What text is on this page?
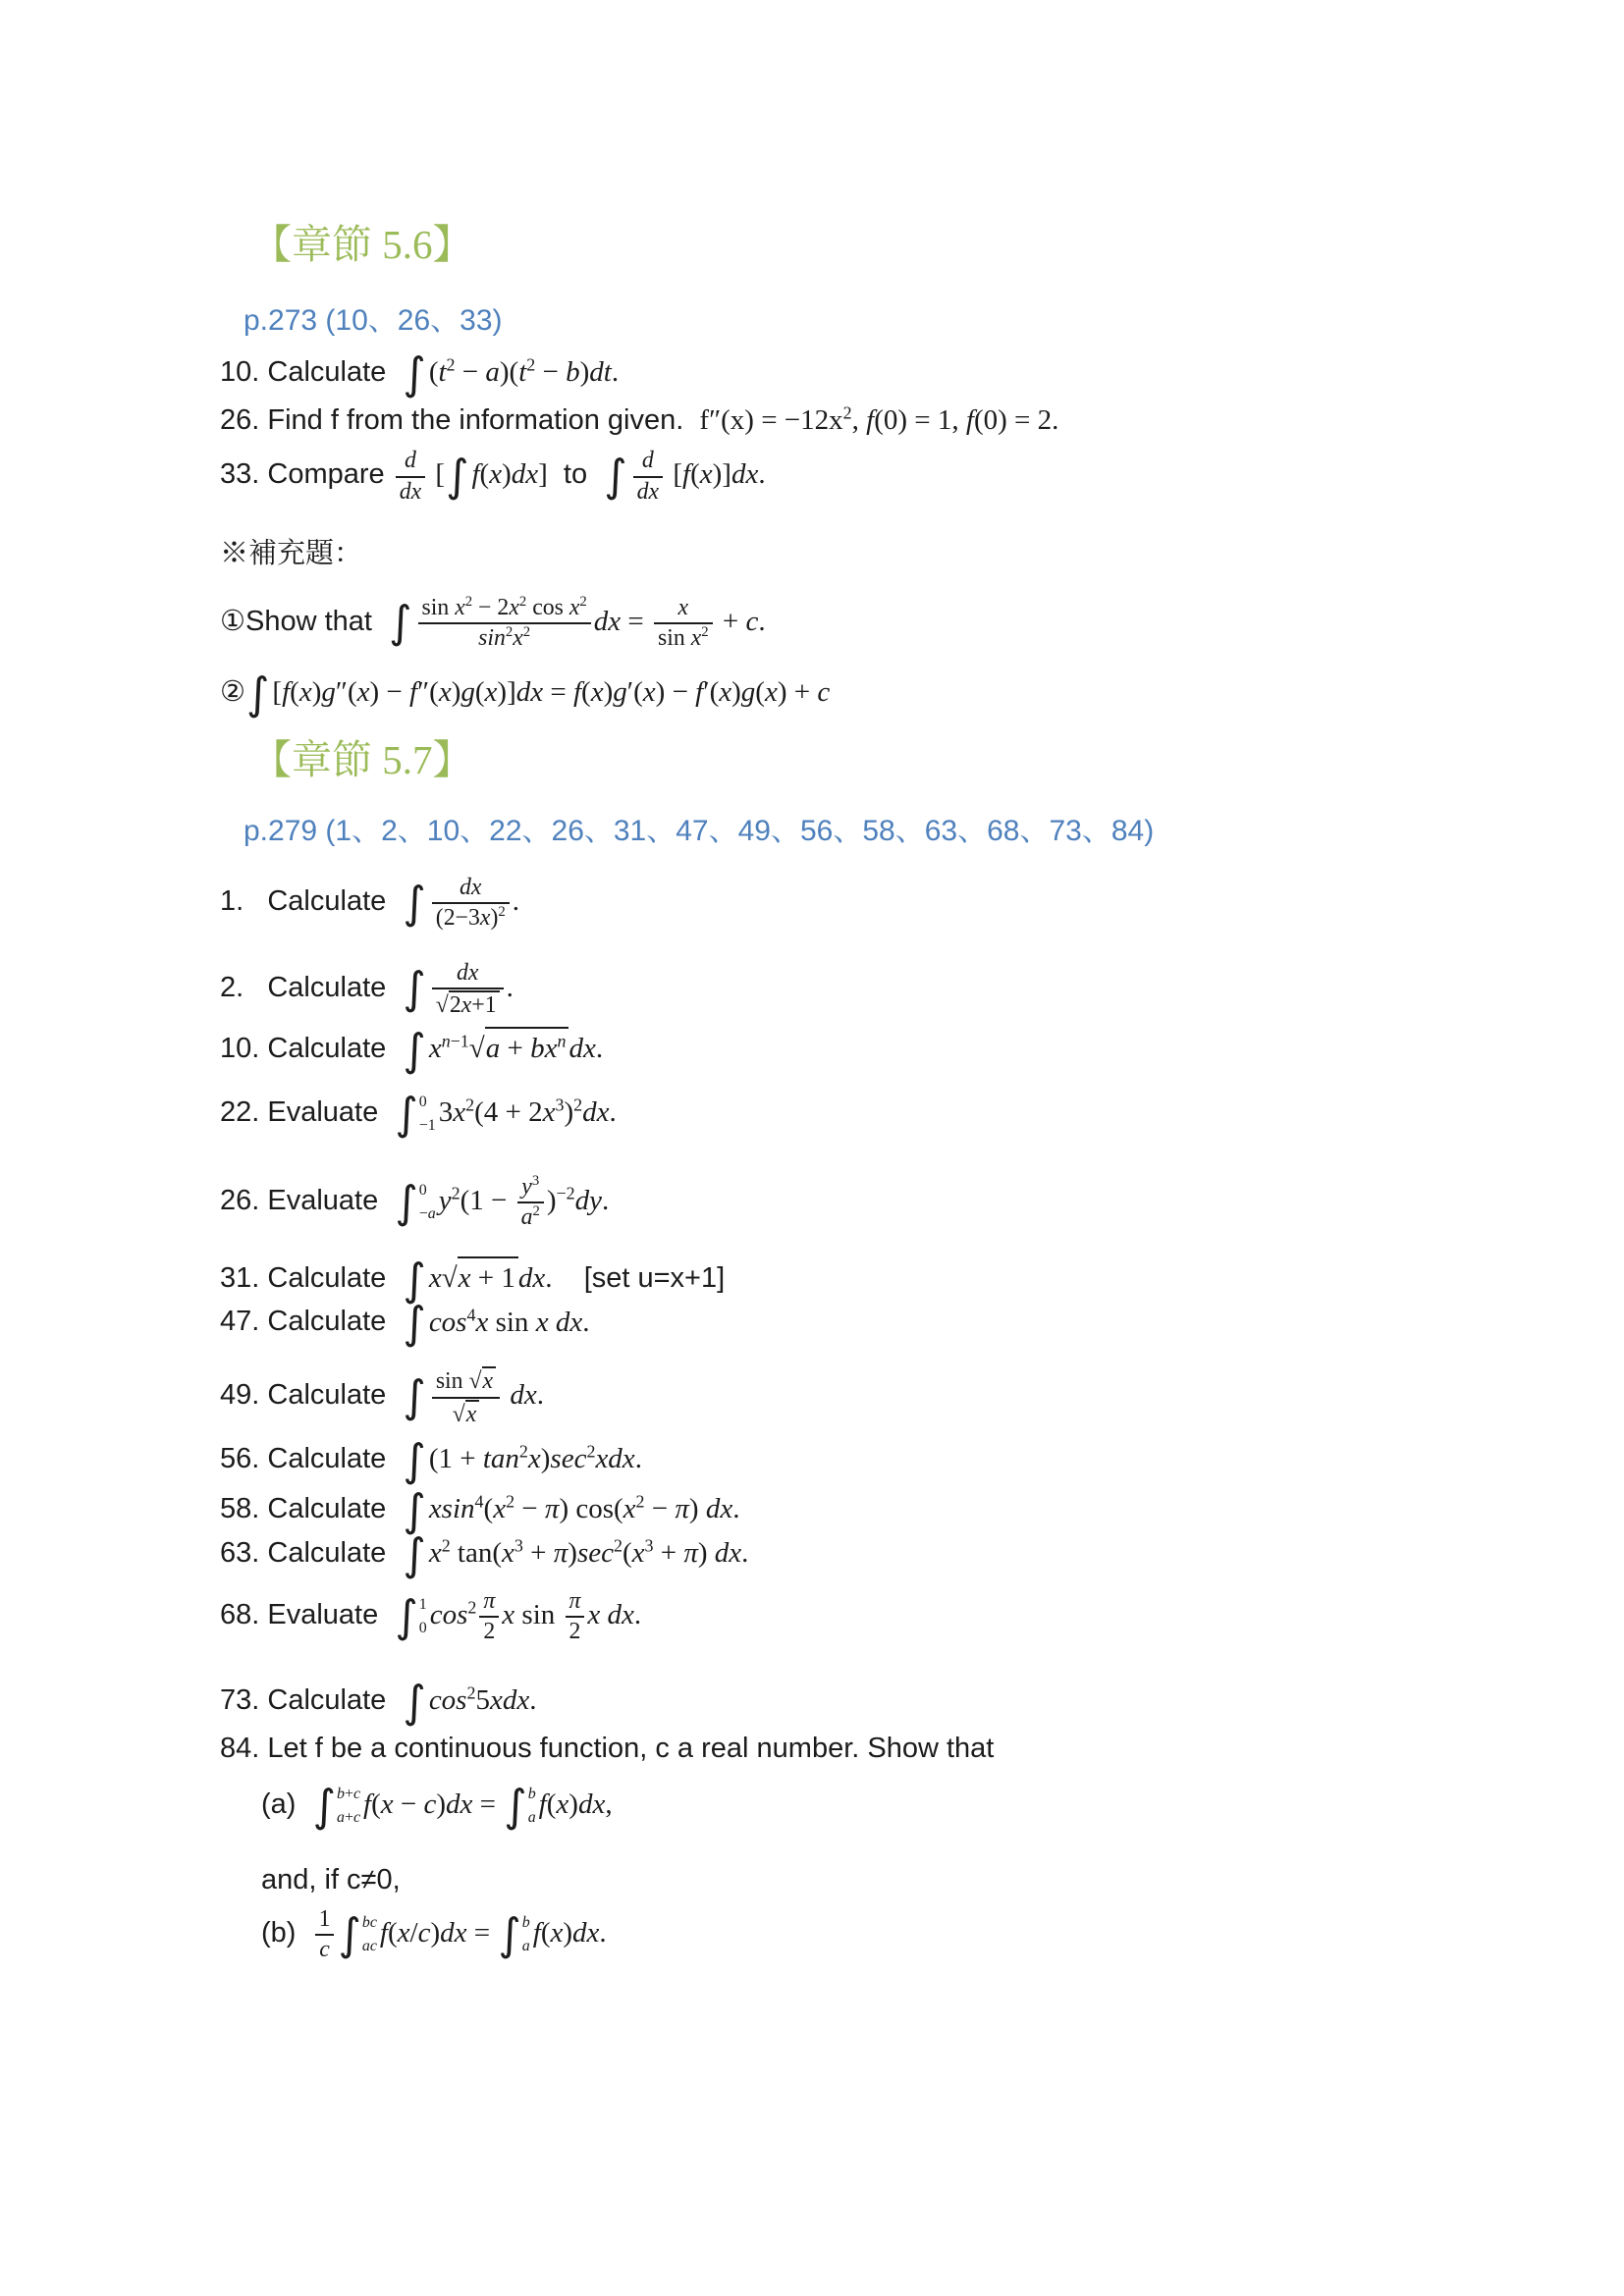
【章節 5.6】
p.273 (10、26、33)
10. Calculate ∫ $(t^2 - a)(t^2 - b)dt$.
26. Find f from the information given.  $f''(x) = -12x^2$, f(0) = 1, f(0) = 2.
33. Compare $\frac{d}{dx}$ [ ∫ f(x)dx]  to ∫ $\frac{d}{dx} [f(x)]dx$.
※補充題：
①Show that ∫ $\frac{\sin x^2 - 2x^2 \cos x^2}{\sin^2x^2}$ dx = $\frac{x}{\sin x^2} + c$.
② ∫ [f(x)g″(x) − f″(x)g(x)]dx = f(x)g′(x) − f′(x)g(x) + c
【章節 5.7】
p.279 (1、2、10、22、26、31、47、49、56、58、63、68、73、84)
1.   Calculate ∫ $\frac{dx}{(2-3x)^2}$ .
2.   Calculate ∫ $\frac{dx}{√ 2x+1}$ .
10. Calculate ∫ $x^{n-1}$ √ $a + bx^n$ dx.
22. Evaluate ∫ 0
−1 $3x^2(4 + 2x^3)^2dx$.
26. Evaluate ∫ 0
−a $y^2(1 - \frac{y^3}{a^2} )^{-2}dy$.
31. Calculate ∫ x √ x + 1 dx.    [set u=x+1]
47. Calculate ∫ $\cos^4x$ sin x dx.
49. Calculate ∫ $\frac{\sin √ x}{√ x}$ dx.
56. Calculate ∫ $(1 + \tan^2x)\sec^2xdx$.
58. Calculate ∫ $xsin^4(x^2 - \pi) \cos(x^2 - \pi)$ dx.
63. Calculate ∫ $x^2$ $\tan(x^3 + \pi)\sec^2(x^3 + \pi)$ dx.
68. Evaluate ∫ 1
0 $\cos^2 \frac{\pi}{2}$ x $\sin \frac{\pi}{2}$ x dx.
73. Calculate ∫ $\cos^25xdx$.
84. Let f be a continuous function, c a real number. Show that
(a) ∫ b+c
a+c f(x − c)dx = ∫ b
a f(x)dx,
and, if c≠0,
$(b) \frac{1}{c}$ ∫ bc
ac f(x/c)dx = ∫ b
a f(x)dx.
